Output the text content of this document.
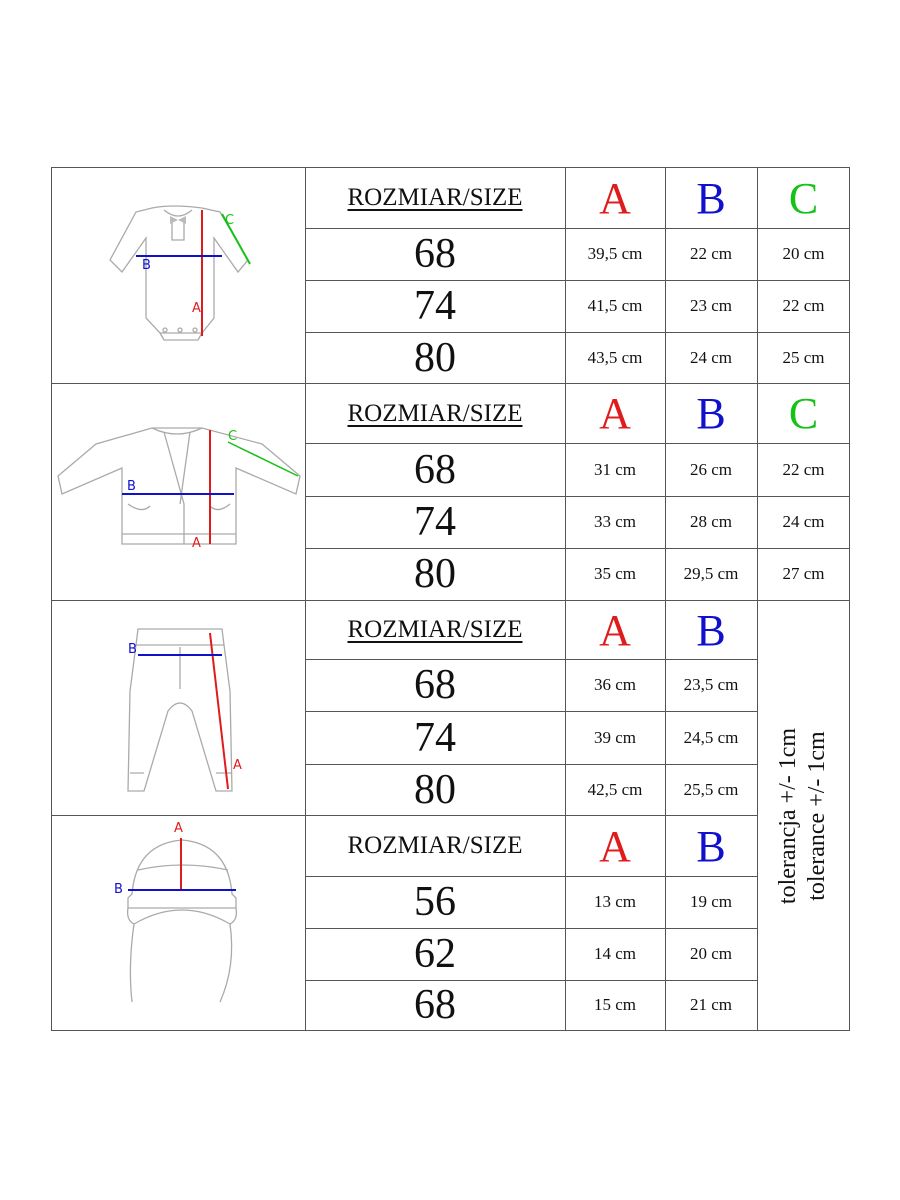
ROZMIAR/SIZE	A	B	C
68	39,5 cm	22 cm	20 cm
74	41,5 cm	23 cm	22 cm
80	43,5 cm	24 cm	25 cm
ROZMIAR/SIZE	A	B	C
68	31 cm	26 cm	22 cm
74	33 cm	28 cm	24 cm
80	35 cm	29,5 cm	27 cm
ROZMIAR/SIZE	A	B
68	36 cm	23,5 cm
74	39 cm	24,5 cm
80	42,5 cm	25,5 cm
ROZMIAR/SIZE	A	B
56	13 cm	19 cm
62	14 cm	20 cm
68	15 cm	21 cm
tolerancja +/- 1cm tolerance +/- 1cm
A
B
C
A
B
C
A
B
A
B
